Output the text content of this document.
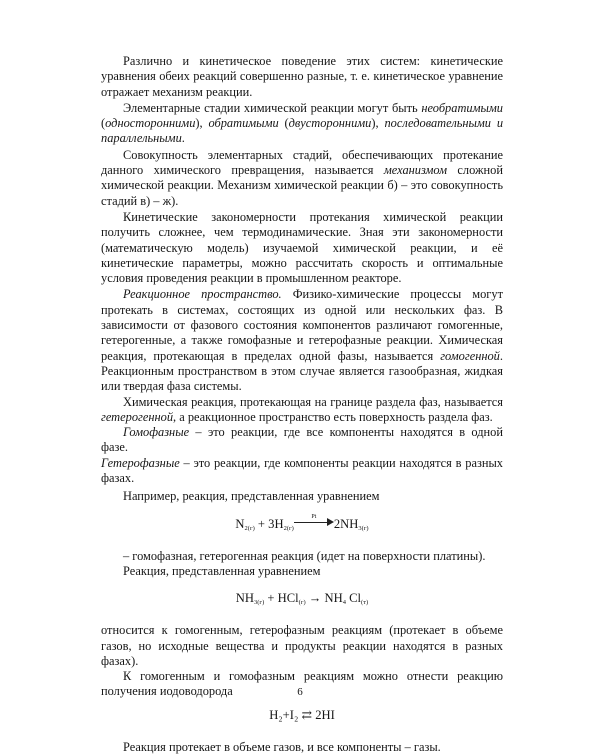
Различно и кинетическое поведение этих систем: кинетические уравнения обеих реакций совершенно разные, т. е. кинетическое уравнение отражает механизм реакции.

Элементарные стадии химической реакции могут быть необратимыми (односторонними), обратимыми (двусторонними), последовательными и параллельными.

Совокупность элементарных стадий, обеспечивающих протекание данного химического превращения, называется механизмом сложной химической реакции. Механизм химической реакции б) – это совокупность стадий в) – ж).

Кинетические закономерности протекания химической реакции получить сложнее, чем термодинамические. Зная эти закономерности (математическую модель) изучаемой химической реакции, и её кинетические параметры, можно рассчитать скорость и оптимальные условия проведения реакции в промышленном реакторе.

Реакционное пространство. Физико-химические процессы могут протекать в системах, состоящих из одной или нескольких фаз. В зависимости от фазового состояния компонентов различают гомогенные, гетерогенные, а также гомофазные и гетерофазные реакции. Химическая реакция, протекающая в пределах одной фазы, называется гомогенной. Реакционным пространством в этом случае является газообразная, жидкая или твердая фаза системы.

Химическая реакция, протекающая на границе раздела фаз, называется гетерогенной, а реакционное пространство есть поверхность раздела фаз.

Гомофазные – это реакции, где все компоненты находятся в одной фазе.

Гетерофазные – это реакции, где компоненты реакции находятся в разных фазах.

Например, реакция, представленная уравнением

$N_{2(г)} + 3H_{2(г)}$
Pt	$2NH_{3(г)}$

– гомофазная, гетерогенная реакция (идет на поверхности платины).

Реакция, представленная уравнением

$NH_{3(г)} + HCl_{(г)} \to NH_4$ $Cl_{(т)}$

относится к гомогенным, гетерофазным реакциям (протекает в объеме газов, но исходные вещества и продукты реакции находятся в разных фазах).

К гомогенным и гомофазным реакциям можно отнести реакцию получения иодоводорода

H₂+I₂ ⇄ 2HI

Реакция протекает в объеме газов, и все компоненты – газы.

6
